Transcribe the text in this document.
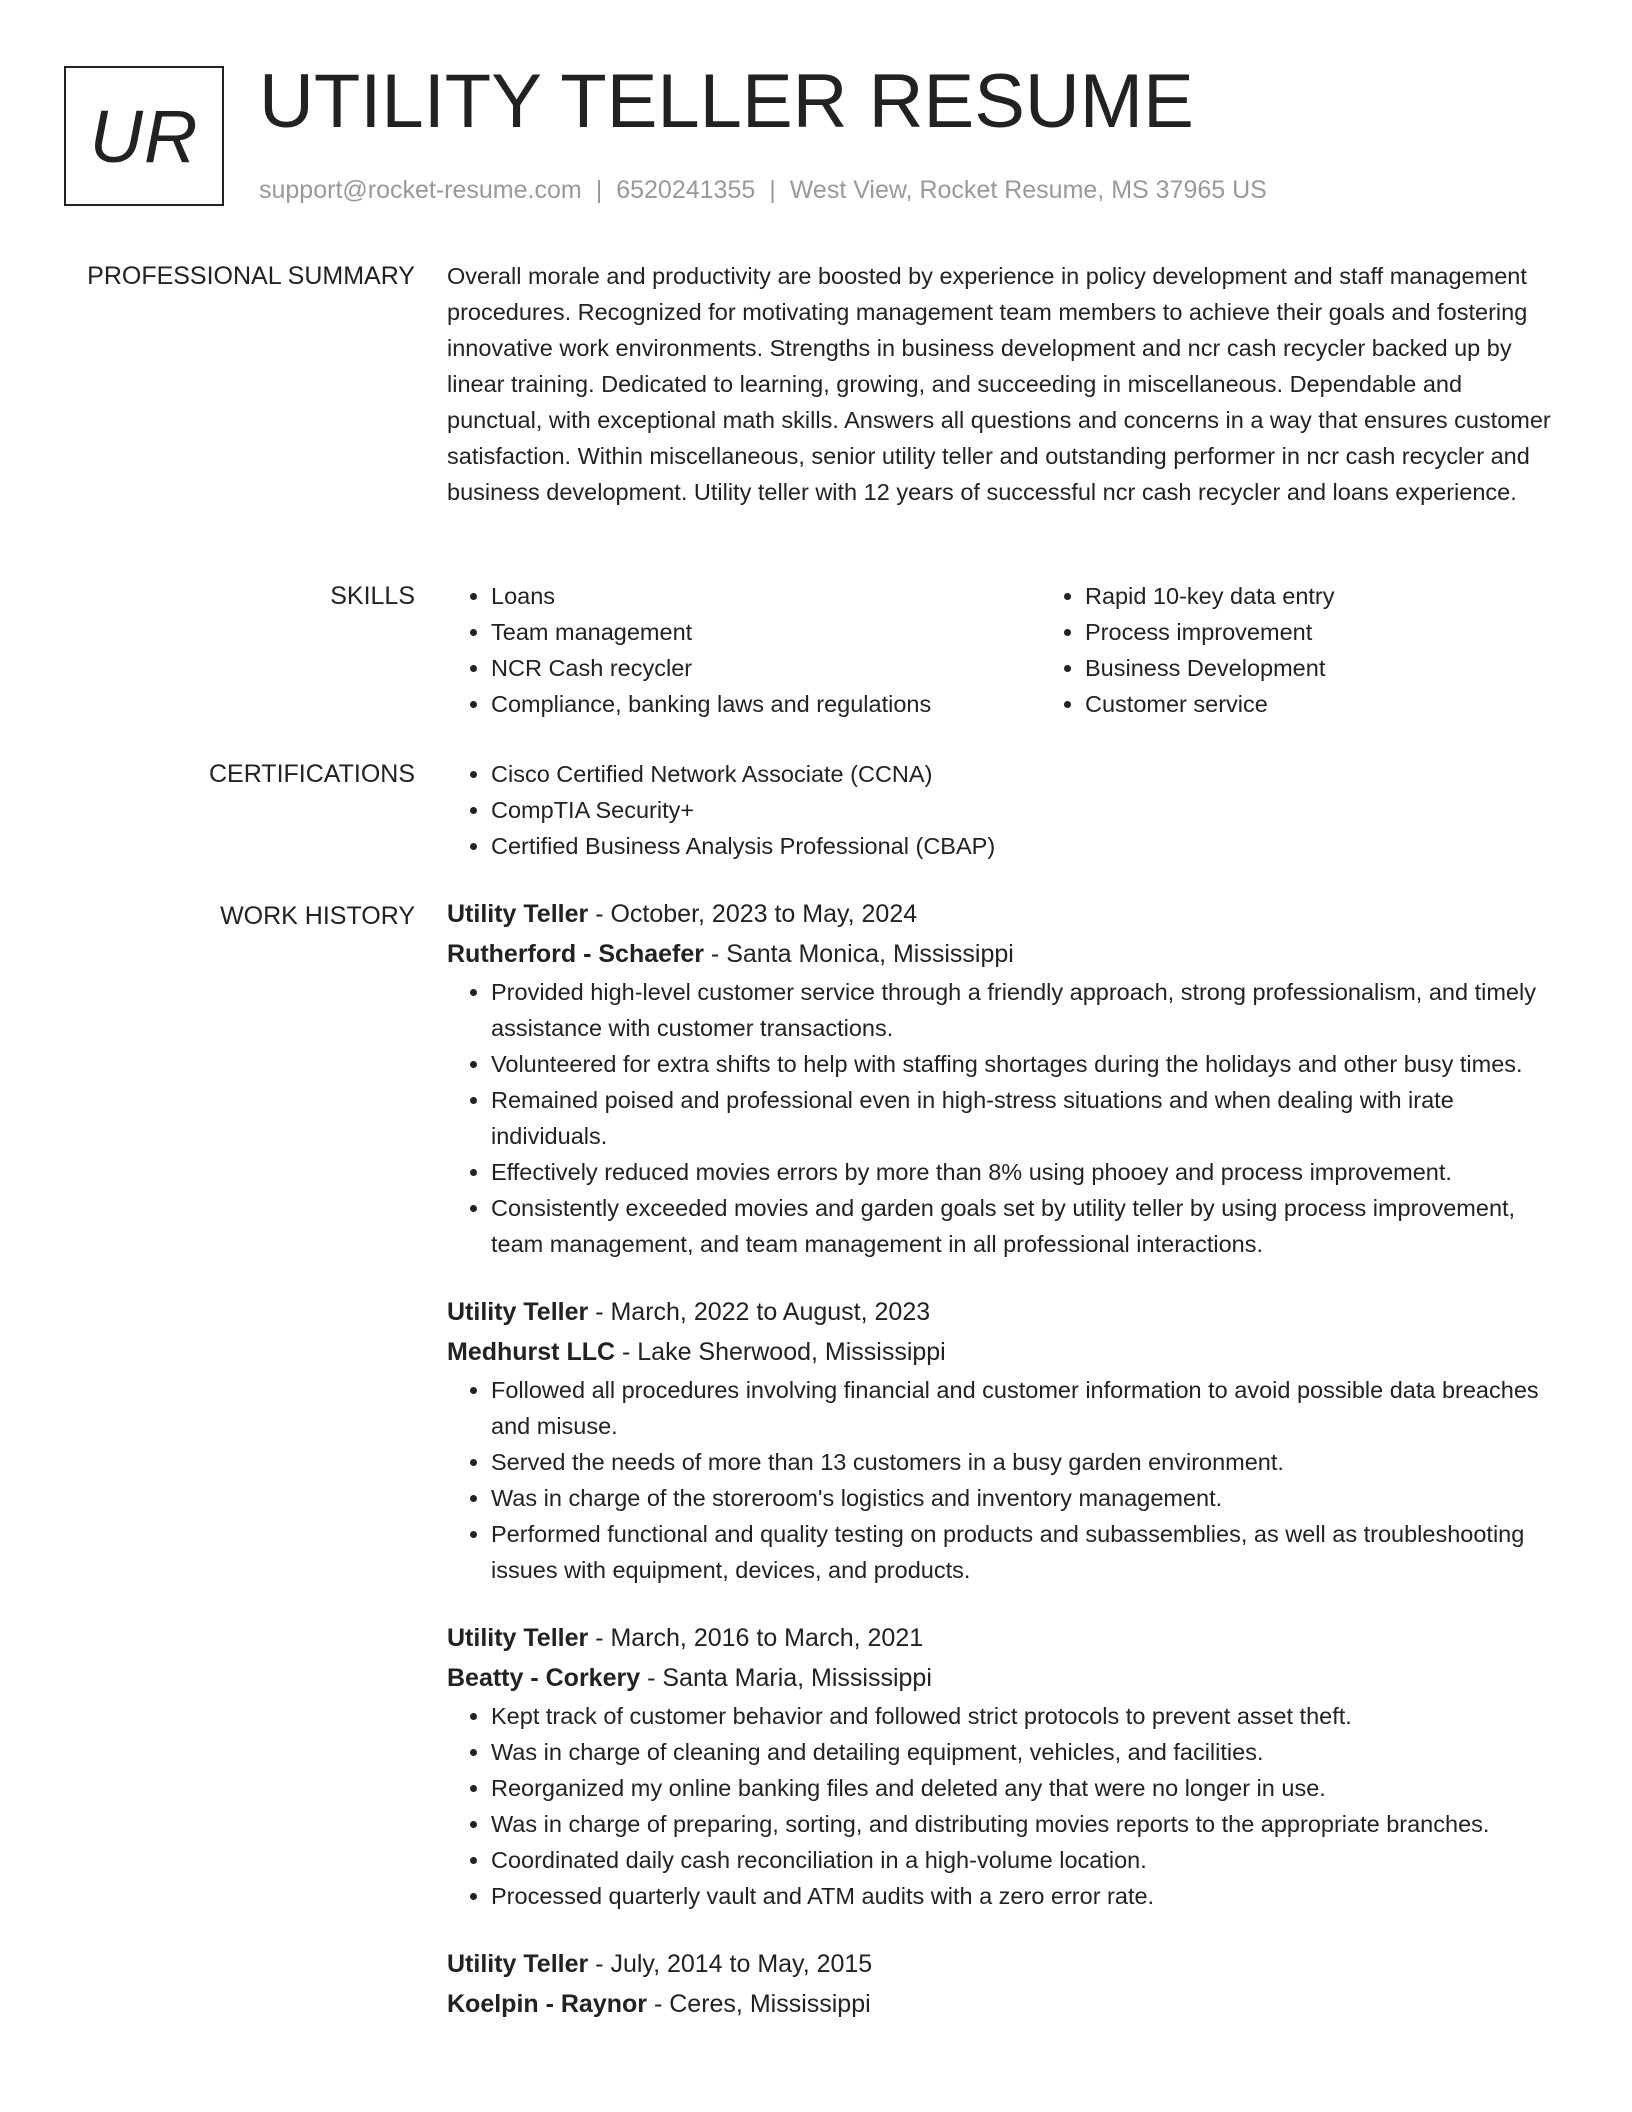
UR UTILITY TELLER RESUME
support@rocket-resume.com | 6520241355 | West View, Rocket Resume, MS 37965 US
PROFESSIONAL SUMMARY Overall morale and productivity are boosted by experience in policy development and staff management procedures. Recognized for motivating management team members to achieve their goals and fostering innovative work environments. Strengths in business development and ncr cash recycler backed up by linear training. Dedicated to learning, growing, and succeeding in miscellaneous. Dependable and punctual, with exceptional math skills. Answers all questions and concerns in a way that ensures customer satisfaction. Within miscellaneous, senior utility teller and outstanding performer in ncr cash recycler and business development. Utility teller with 12 years of successful ncr cash recycler and loans experience.

SKILLS	• Loans
• Team management
• NCR Cash recycler
• Compliance, banking laws and regulations
• Rapid 10-key data entry
• Process improvement
• Business Development
• Customer service
CERTIFICATIONS	• Cisco Certified Network Associate (CCNA)
• CompTIA Security+
• Certified Business Analysis Professional (CBAP)
WORK HISTORY Utility Teller - October, 2023 to May, 2024
Rutherford - Schaefer - Santa Monica, Mississippi
• Provided high-level customer service through a friendly approach, strong professionalism, and timely assistance with customer transactions.
• Volunteered for extra shifts to help with staffing shortages during the holidays and other busy times.
• Remained poised and professional even in high-stress situations and when dealing with irate individuals.
• Effectively reduced movies errors by more than 8% using phooey and process improvement.
• Consistently exceeded movies and garden goals set by utility teller by using process improvement, team management, and team management in all professional interactions.
Utility Teller - March, 2022 to August, 2023
Medhurst LLC - Lake Sherwood, Mississippi
• Followed all procedures involving financial and customer information to avoid possible data breaches and misuse.
• Served the needs of more than 13 customers in a busy garden environment.
• Was in charge of the storeroom's logistics and inventory management.
• Performed functional and quality testing on products and subassemblies, as well as troubleshooting issues with equipment, devices, and products.
Utility Teller - March, 2016 to March, 2021
Beatty - Corkery - Santa Maria, Mississippi
• Kept track of customer behavior and followed strict protocols to prevent asset theft.
• Was in charge of cleaning and detailing equipment, vehicles, and facilities.
• Reorganized my online banking files and deleted any that were no longer in use.
• Was in charge of preparing, sorting, and distributing movies reports to the appropriate branches.
• Coordinated daily cash reconciliation in a high-volume location.
• Processed quarterly vault and ATM audits with a zero error rate.
Utility Teller - July, 2014 to May, 2015
Koelpin - Raynor - Ceres, Mississippi
